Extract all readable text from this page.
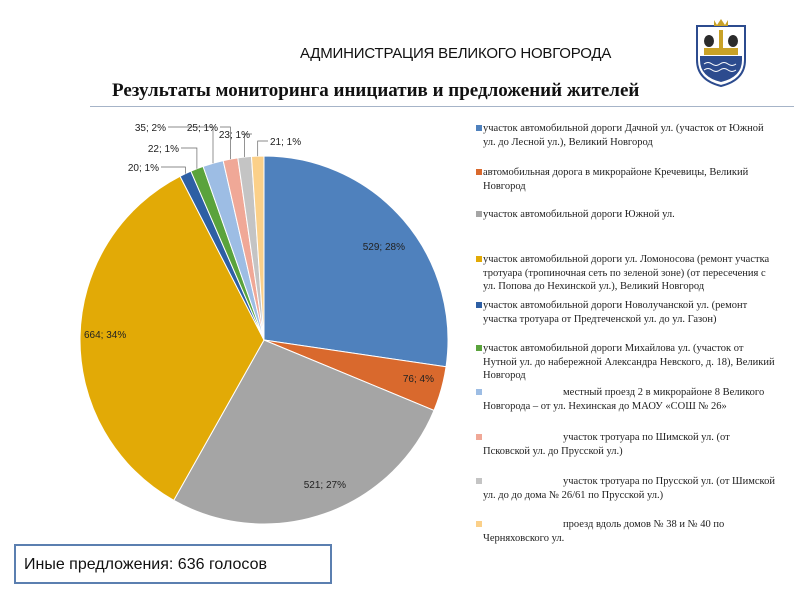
АДМИНИСТРАЦИЯ ВЕЛИКОГО НОВГОРОДА
Результаты мониторинга инициатив и предложений жителей
529; 28%
76; 4%
521; 27%
664; 34%
20; 1%
22; 1%
35; 2% 25; 1%
23; 1%
21; 1%
участок автомобильной дороги Дачной ул. (участок от Южной ул. до Лесной ул.), Великий Новгород
автомобильная дорога в микрорайоне Кречевицы, Великий Новгород
участок автомобильной дороги Южной ул.
участок автомобильной дороги ул. Ломоносова (ремонт участка тротуара (тропиночная сеть по зеленой зоне) (от пересечения с ул. Попова до Нехинской ул.), Великий Новгород
участок автомобильной дороги Новолучанской ул. (ремонт участка тротуара от Предтеченской ул. до ул. Газон)
участок автомобильной дороги Михайлова ул. (участок от Нутной ул. до набережной Александра Невского, д. 18), Великий Новгород
местный проезд 2 в микрорайоне 8 Великого Новгорода – от ул. Нехинская до МАОУ «СОШ № 26»
участок тротуара по Шимской ул. (от Псковской ул. до Прусской ул.)
участок тротуара по Прусской ул. (от Шимской ул. до до дома № 26/61 по Прусской ул.)
проезд вдоль домов № 38 и № 40 по Черняховского ул.
Иные предложения: 636 голосов
